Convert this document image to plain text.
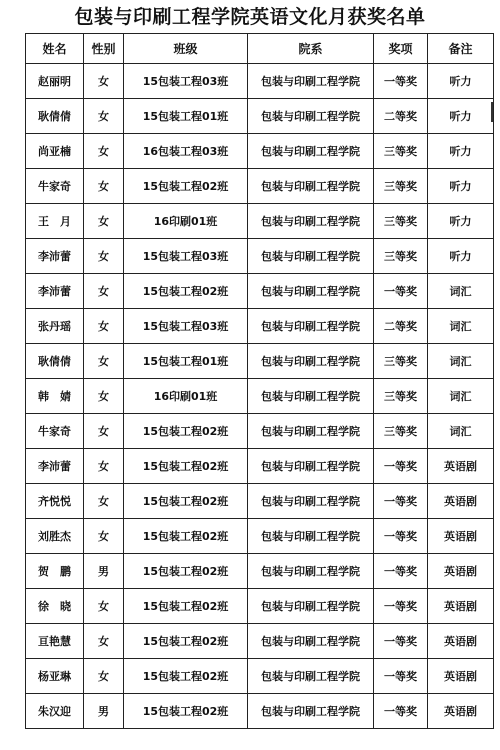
包装与印刷工程学院英语文化月获奖名单
姓名	性别	班级	院系	奖项	备注
赵丽明	女	15包装工程03班	包装与印刷工程学院	一等奖	听力
耿倩倩	女	15包装工程01班	包装与印刷工程学院	二等奖	听力
尚亚楠	女	16包装工程03班	包装与印刷工程学院	三等奖	听力
牛家奇	女	15包装工程02班	包装与印刷工程学院	三等奖	听力
王　月	女	16印刷01班	包装与印刷工程学院	三等奖	听力
李沛蕾	女	15包装工程03班	包装与印刷工程学院	三等奖	听力
李沛蕾	女	15包装工程02班	包装与印刷工程学院	一等奖	词汇
张丹瑶	女	15包装工程03班	包装与印刷工程学院	二等奖	词汇
耿倩倩	女	15包装工程01班	包装与印刷工程学院	三等奖	词汇
韩　婧	女	16印刷01班	包装与印刷工程学院	三等奖	词汇
牛家奇	女	15包装工程02班	包装与印刷工程学院	三等奖	词汇
李沛蕾	女	15包装工程02班	包装与印刷工程学院	一等奖	英语剧
齐悦悦	女	15包装工程02班	包装与印刷工程学院	一等奖	英语剧
刘胜杰	女	15包装工程02班	包装与印刷工程学院	一等奖	英语剧
贺　鹏	男	15包装工程02班	包装与印刷工程学院	一等奖	英语剧
徐　晓	女	15包装工程02班	包装与印刷工程学院	一等奖	英语剧
亘艳慧	女	15包装工程02班	包装与印刷工程学院	一等奖	英语剧
杨亚琳	女	15包装工程02班	包装与印刷工程学院	一等奖	英语剧
朱汉迎	男	15包装工程02班	包装与印刷工程学院	一等奖	英语剧
